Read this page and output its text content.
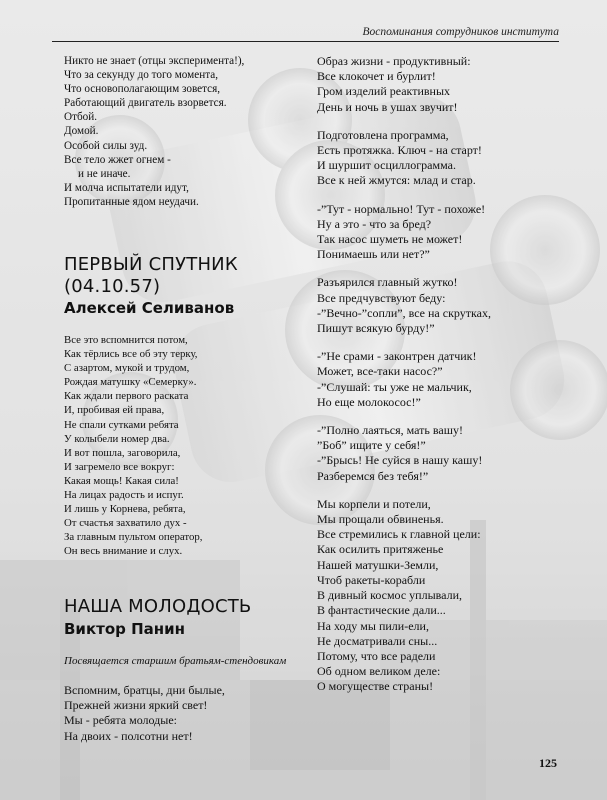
Воспоминания сотрудников института
Никто не знает (отцы эксперимента!),
Что за секунду до того момента,
Что основополагающим зовется,
Работающий двигатель взорвется.
Отбой.
Домой.
Особой силы зуд.
Все тело жжет огнем -
и не иначе.
И молча испытатели идут,
Пропитанные ядом неудачи.
ПЕРВЫЙ СПУТНИК
(04.10.57)
Алексей Селиванов
Все это вспомнится потом,
Как тёрлись все об эту терку,
С азартом, мукой и трудом,
Рождая матушку «Семерку».
Как ждали первого раската
И, пробивая ей права,
Не спали сутками ребята
У колыбели номер два.
И вот пошла, заговорила,
И загремело все вокруг:
Какая мощь! Какая сила!
На лицах радость и испуг.
И лишь у Корнева, ребята,
От счастья захватило дух -
За главным пультом оператор,
Он весь внимание и слух.
НАША МОЛОДОСТЬ
Виктор Панин
Посвящается старшим братьям-стендовикам
Вспомним, братцы, дни былые,
Прежней жизни яркий свет!
Мы - ребята молодые:
На двоих - полсотни нет!
Образ жизни - продуктивный:
Все клокочет и бурлит!
Гром изделий реактивных
День и ночь в ушах звучит!
Подготовлена программа,
Есть протяжка. Ключ - на старт!
И шуршит осциллограмма.
Все к ней жмутся: млад и стар.
-”Тут - нормально! Тут - похоже!
Ну а это - что за бред?
Так насос шуметь не может!
Понимаешь или нет?”
Разъярился главный жутко!
Все предчувствуют беду:
-”Вечно-”сопли”, все на скрутках,
Пишут всякую бурду!”
-”Не срами - законтрен датчик!
Может, все-таки насос?”
-”Слушай: ты уже не мальчик,
Но еще молокосос!”
-”Полно лаяться, мать вашу!
”Боб” ищите у себя!”
-”Брысь! Не суйся в нашу кашу!
Разберемся без тебя!”
Мы корпели и потели,
Мы прощали обвиненья.
Все стремились к главной цели:
Как осилить притяженье
Нашей матушки-Земли,
Чтоб ракеты-корабли
В дивный космос уплывали,
В фантастические дали...
На ходу мы пили-ели,
Не досматривали сны...
Потому, что все радели
Об одном великом деле:
О могуществе страны!
125
